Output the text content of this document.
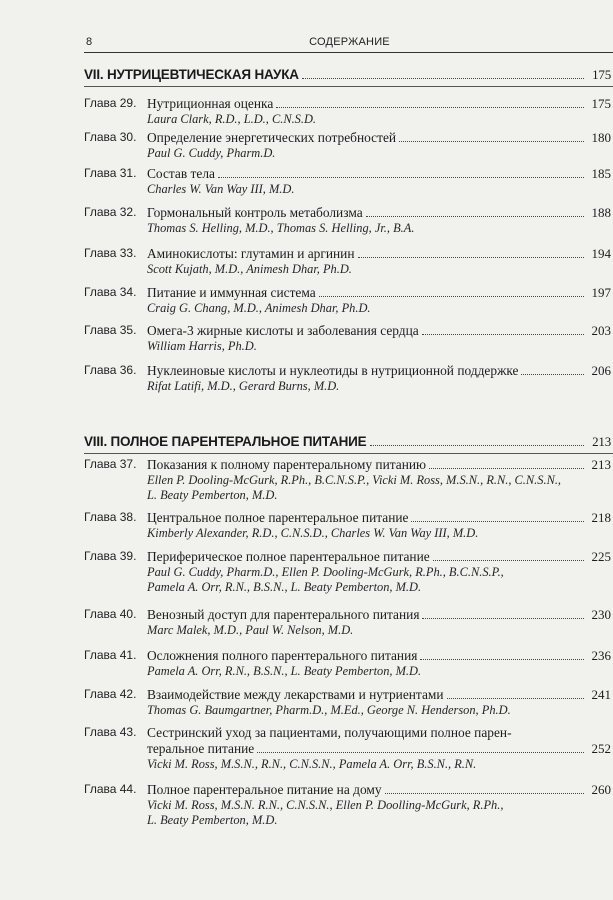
8	СОДЕРЖАНИЕ
VII. НУТРИЦЕВТИЧЕСКАЯ НАУКА	175
Глава 29. Нутриционная оценка	175
Laura Clark, R.D., L.D., C.N.S.D.
Глава 30. Определение энергетических потребностей	180
Paul G. Cuddy, Pharm.D.
Глава 31. Состав тела	185
Charles W. Van Way III, M.D.
Глава 32. Гормональный контроль метаболизма	188
Thomas S. Helling, M.D., Thomas S. Helling, Jr., B.A.
Глава 33. Аминокислоты: глутамин и аргинин	194
Scott Kujath, M.D., Animesh Dhar, Ph.D.
Глава 34. Питание и иммунная система	197
Craig G. Chang, M.D., Animesh Dhar, Ph.D.
Глава 35. Омега-3 жирные кислоты и заболевания сердца	203
William Harris, Ph.D.
Глава 36. Нуклеиновые кислоты и нуклеотиды в нутриционной поддержке	206
Rifat Latifi, M.D., Gerard Burns, M.D.
VIII. ПОЛНОЕ ПАРЕНТЕРАЛЬНОЕ ПИТАНИЕ	213
Глава 37. Показания к полному парентеральному питанию	213
Ellen P. Dooling-McGurk, R.Ph., B.C.N.S.P., Vicki M. Ross, M.S.N., R.N., C.N.S.N.,
L. Beaty Pemberton, M.D.
Глава 38. Центральное полное парентеральное питание	218
Kimberly Alexander, R.D., C.N.S.D., Charles W. Van Way III, M.D.
Глава 39. Периферическое полное парентеральное питание	225
Paul G. Cuddy, Pharm.D., Ellen P. Dooling-McGurk, R.Ph., B.C.N.S.P.,
Pamela A. Orr, R.N., B.S.N., L. Beaty Pemberton, M.D.
Глава 40. Венозный доступ для парентерального питания	230
Marc Malek, M.D., Paul W. Nelson, M.D.
Глава 41. Осложнения полного парентерального питания	236
Pamela A. Orr, R.N., B.S.N., L. Beaty Pemberton, M.D.
Глава 42. Взаимодействие между лекарствами и нутриентами	241
Thomas G. Baumgartner, Pharm.D., M.Ed., George N. Henderson, Ph.D.
Глава 43. Сестринский уход за пациентами, получающими полное парен-
теральное питание	252
Vicki M. Ross, M.S.N., R.N., C.N.S.N., Pamela A. Orr, B.S.N., R.N.
Глава 44. Полное парентеральное питание на дому	260
Vicki M. Ross, M.S.N. R.N., C.N.S.N., Ellen P. Doolling-McGurk, R.Ph.,
L. Beaty Pemberton, M.D.
